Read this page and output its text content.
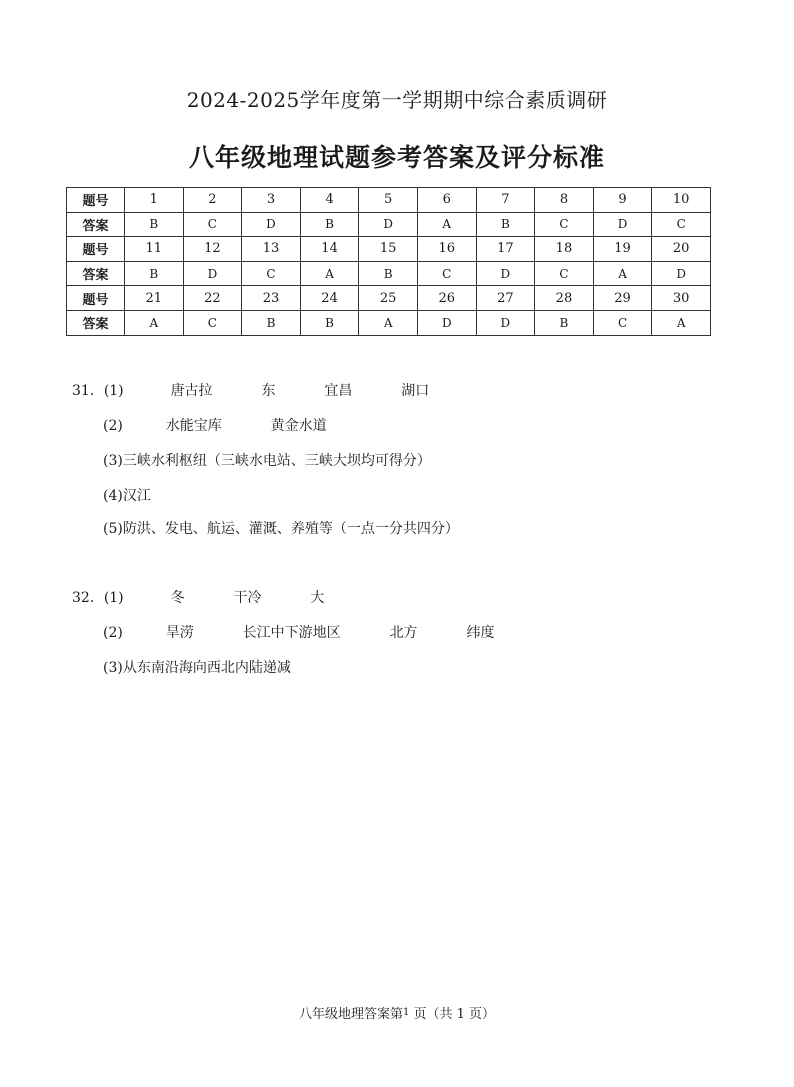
2024-2025学年度第一学期期中综合素质调研
八年级地理试题参考答案及评分标准
题号	1	2	3	4	5	6	7	8	9	10
答案	B	C	D	B	D	A	B	C	D	C
题号	11	12	13	14	15	16	17	18	19	20
答案	B	D	C	A	B	C	D	C	A	D
题号	21	22	23	24	25	26	27	28	29	30
答案	A	C	B	B	A	D	D	B	C	A
31．(1)	唐古拉	东	宜昌	湖口
(2)	水能宝库	黄金水道
(3)三峡水利枢纽（三峡水电站、三峡大坝均可得分）
(4)汉江
(5)防洪、发电、航运、灌溉、养殖等（一点一分共四分）
32．(1)	冬	干冷	大
(2)	旱涝	长江中下游地区	北方	纬度
(3)从东南沿海向西北内陆递减
八年级地理答案第$^1$ 页（共 1 页）
